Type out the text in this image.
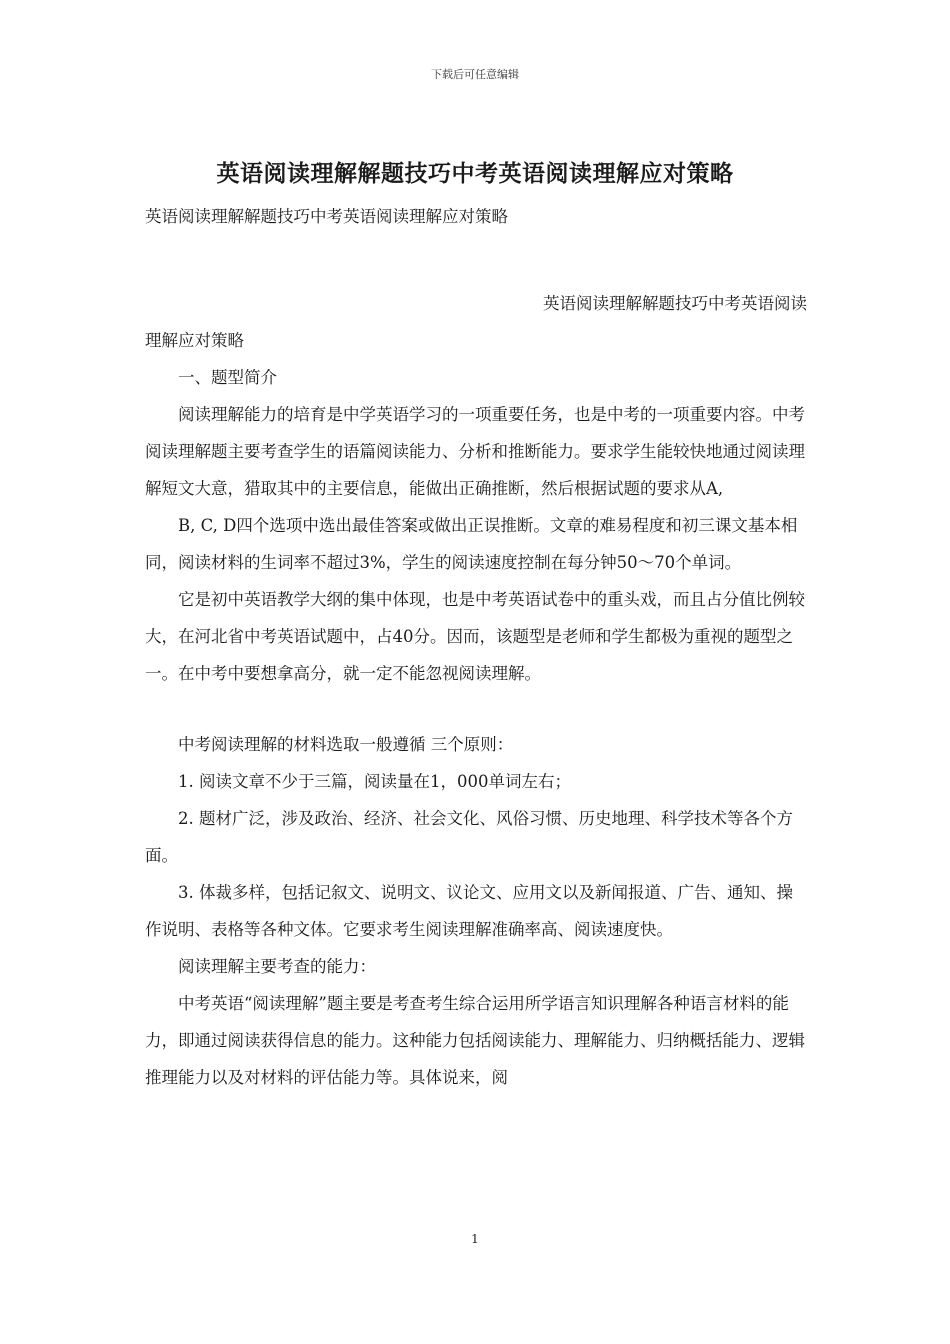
下载后可任意编辑
英语阅读理解解题技巧中考英语阅读理解应对策略

英语阅读理解解题技巧中考英语阅读理解应对策略

英语阅读理解解题技巧中考英语阅读

理解应对策略

一、题型简介

阅读理解能力的培育是中学英语学习的一项重要任务，也是中考的一项重要内容。中考阅读理解题主要考查学生的语篇阅读能力、分析和推断能力。要求学生能较快地通过阅读理解短文大意，猎取其中的主要信息，能做出正确推断，然后根据试题的要求从A,

B, C, D四个选项中选出最佳答案或做出正误推断。文章的难易程度和初三课文基本相同，阅读材料的生词率不超过3%，学生的阅读速度控制在每分钟50～70个单词。

它是初中英语教学大纲的集中体现，也是中考英语试卷中的重头戏，而且占分值比例较大，在河北省中考英语试题中，占40分。因而，该题型是老师和学生都极为重视的题型之一。在中考中要想拿高分，就一定不能忽视阅读理解。

中考阅读理解的材料选取一般遵循 三个原则：

1. 阅读文章不少于三篇，阅读量在1，000单词左右；

2. 题材广泛，涉及政治、经济、社会文化、风俗习惯、历史地理、科学技术等各个方面。

3. 体裁多样，包括记叙文、说明文、议论文、应用文以及新闻报道、广告、通知、操作说明、表格等各种文体。它要求考生阅读理解准确率高、阅读速度快。

阅读理解主要考查的能力：

中考英语“阅读理解”题主要是考查考生综合运用所学语言知识理解各种语言材料的能力，即通过阅读获得信息的能力。这种能力包括阅读能力、理解能力、归纳概括能力、逻辑推理能力以及对材料的评估能力等。具体说来，阅

1
